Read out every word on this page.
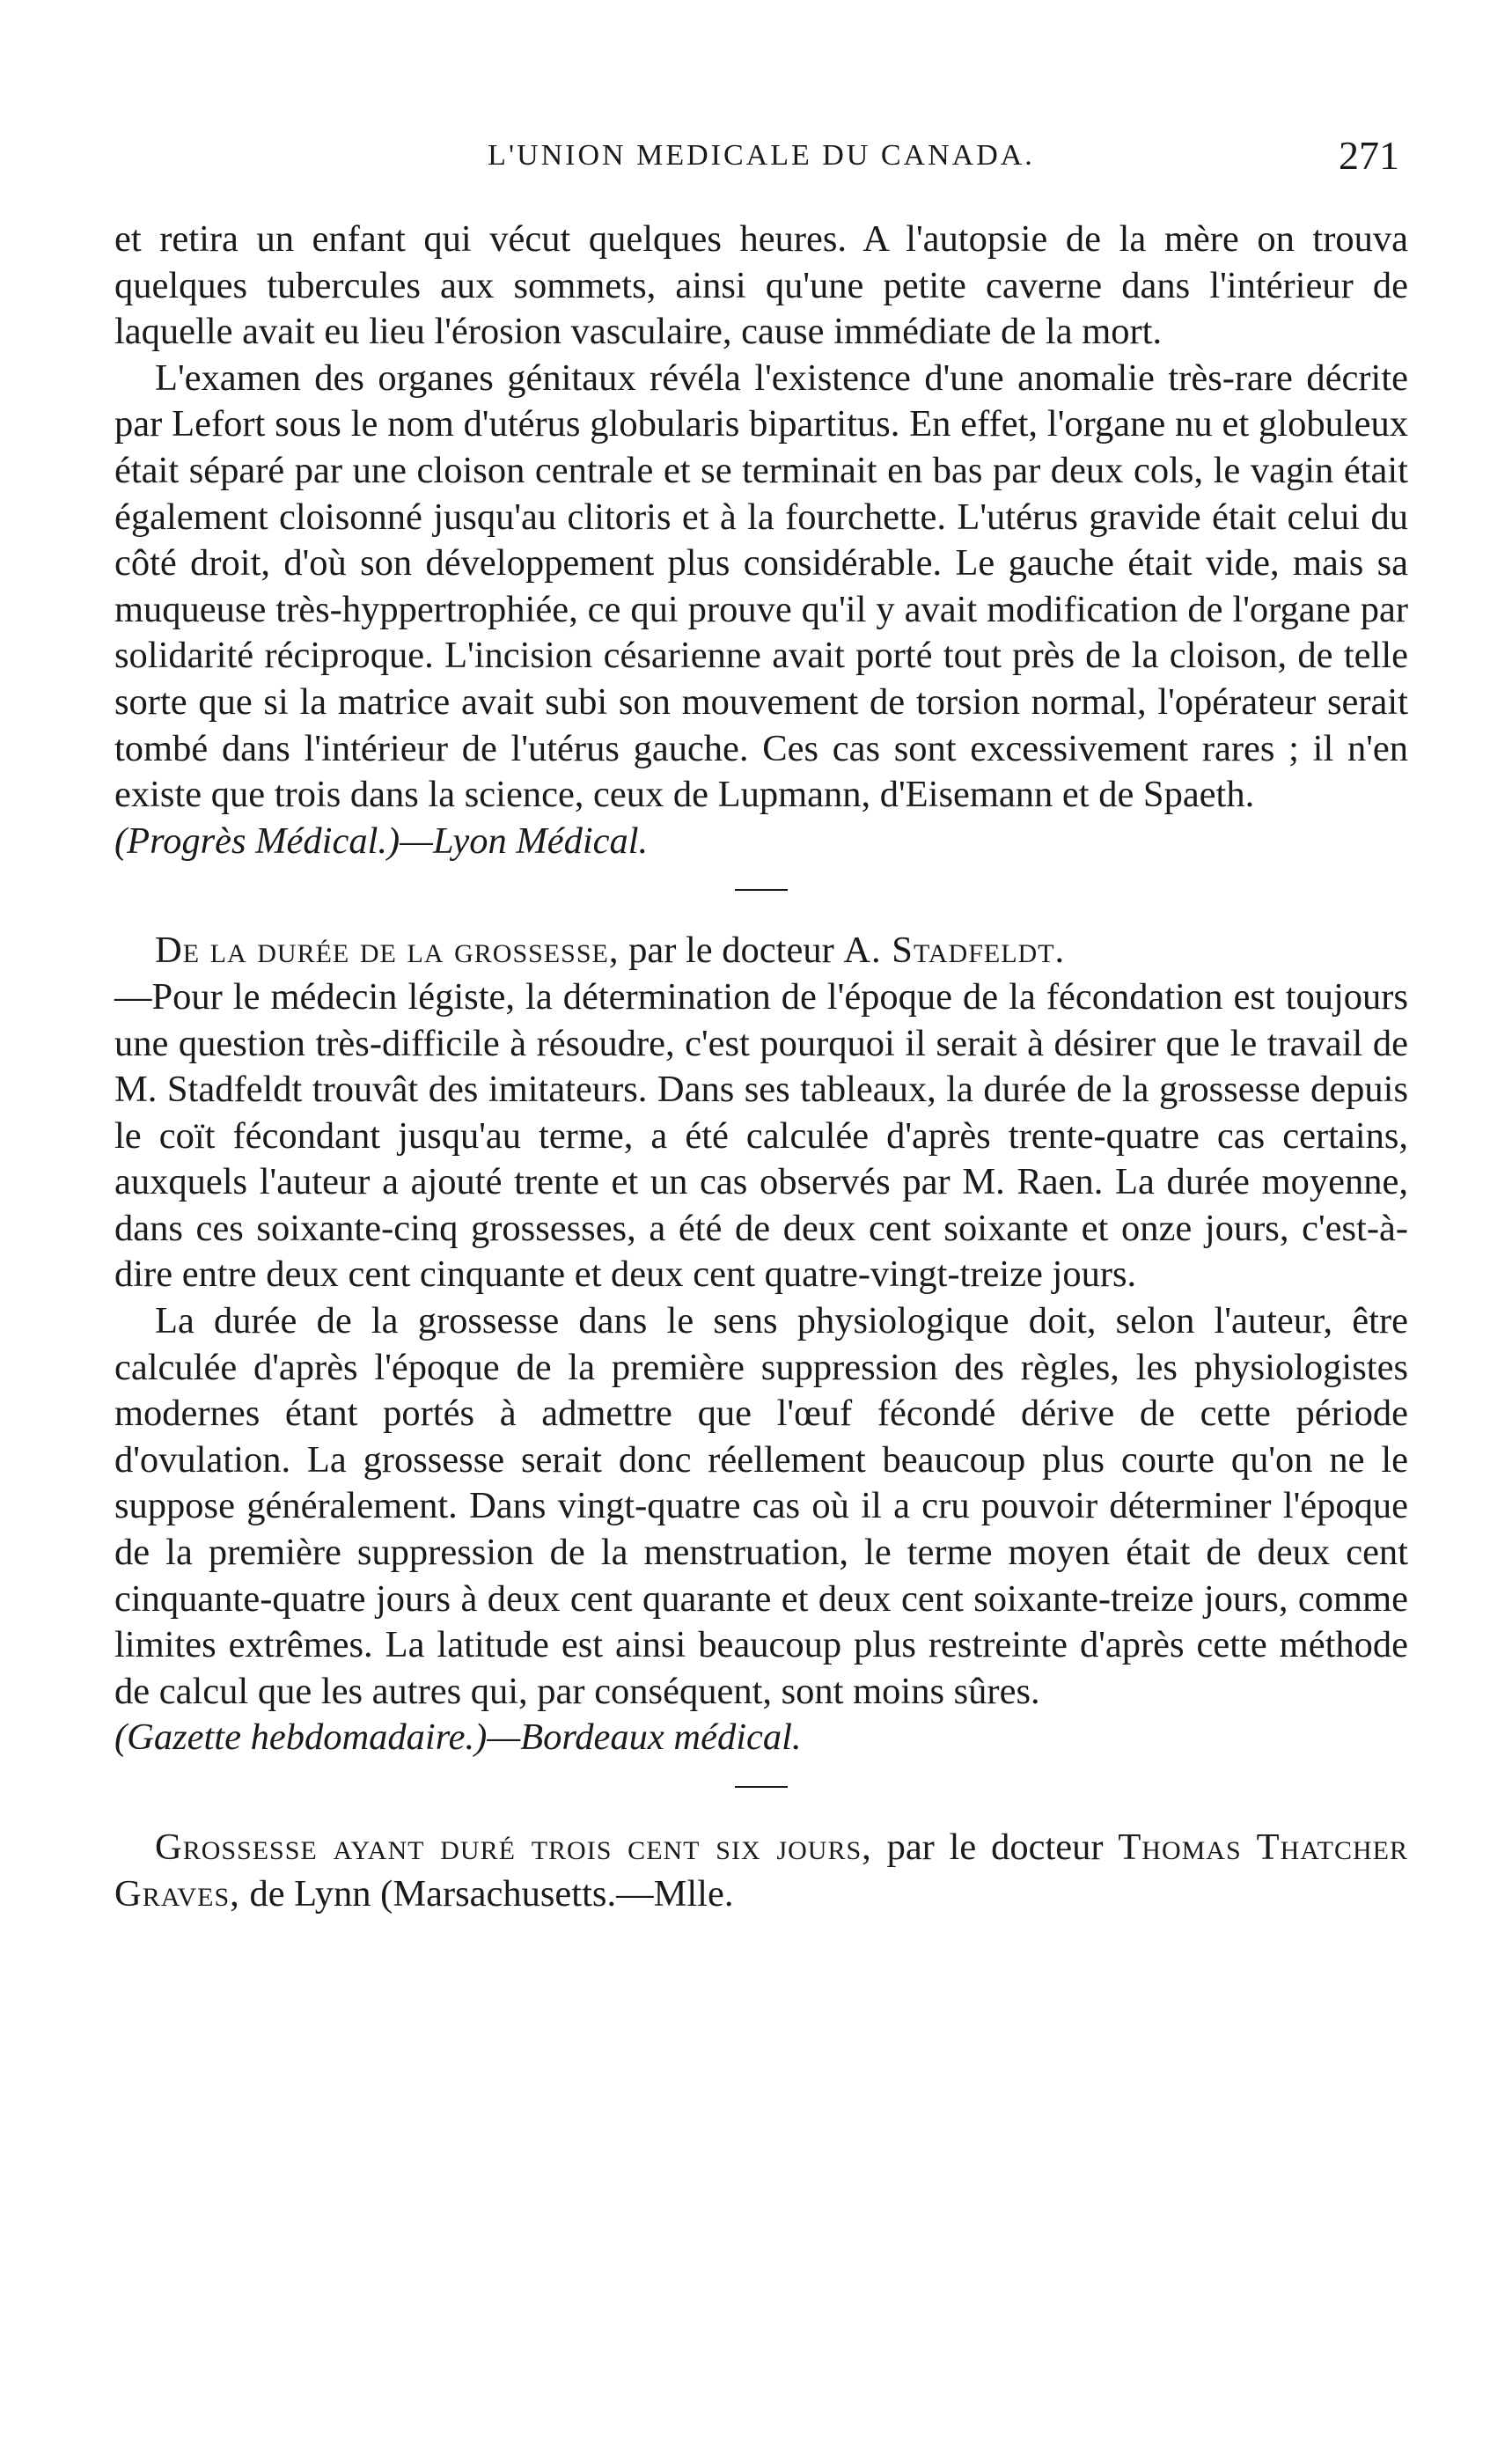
L'UNION MEDICALE DU CANADA.	271

et retira un enfant qui vécut quelques heures. A l'autopsie de la mère on trouva quelques tubercules aux sommets, ainsi qu'une petite caverne dans l'intérieur de laquelle avait eu lieu l'érosion vasculaire, cause immédiate de la mort.

L'examen des organes génitaux révéla l'existence d'une anomalie très-rare décrite par Lefort sous le nom d'utérus globularis bipartitus. En effet, l'organe nu et globuleux était séparé par une cloison centrale et se terminait en bas par deux cols, le vagin était également cloisonné jusqu'au clitoris et à la fourchette. L'utérus gravide était celui du côté droit, d'où son développement plus considérable. Le gauche était vide, mais sa muqueuse très-hyppertrophiée, ce qui prouve qu'il y avait modification de l'organe par solidarité réciproque. L'incision césarienne avait porté tout près de la cloison, de telle sorte que si la matrice avait subi son mouvement de torsion normal, l'opérateur serait tombé dans l'intérieur de l'utérus gauche. Ces cas sont excessivement rares ; il n'en existe que trois dans la science, ceux de Lupmann, d'Eisemann et de Spaeth.

(Progrès Médical.)—Lyon Médical.

De la durée de la grossesse, par le docteur A. Stadfeldt.

—Pour le médecin légiste, la détermination de l'époque de la fécondation est toujours une question très-difficile à résoudre, c'est pourquoi il serait à désirer que le travail de M. Stadfeldt trouvât des imitateurs. Dans ses tableaux, la durée de la grossesse depuis le coït fécondant jusqu'au terme, a été calculée d'après trente-quatre cas certains, auxquels l'auteur a ajouté trente et un cas observés par M. Raen. La durée moyenne, dans ces soixante-cinq grossesses, a été de deux cent soixante et onze jours, c'est-à-dire entre deux cent cinquante et deux cent quatre-vingt-treize jours.

La durée de la grossesse dans le sens physiologique doit, selon l'auteur, être calculée d'après l'époque de la première suppression des règles, les physiologistes modernes étant portés à admettre que l'œuf fécondé dérive de cette période d'ovulation. La grossesse serait donc réellement beaucoup plus courte qu'on ne le suppose généralement. Dans vingt-quatre cas où il a cru pouvoir déterminer l'époque de la première suppression de la menstruation, le terme moyen était de deux cent cinquante-quatre jours à deux cent quarante et deux cent soixante-treize jours, comme limites extrêmes. La latitude est ainsi beaucoup plus restreinte d'après cette méthode de calcul que les autres qui, par conséquent, sont moins sûres.

(Gazette hebdomadaire.)—Bordeaux médical.

Grossesse ayant duré trois cent six jours, par le docteur Thomas Thatcher Graves, de Lynn (Marsachusetts.—Mlle.
